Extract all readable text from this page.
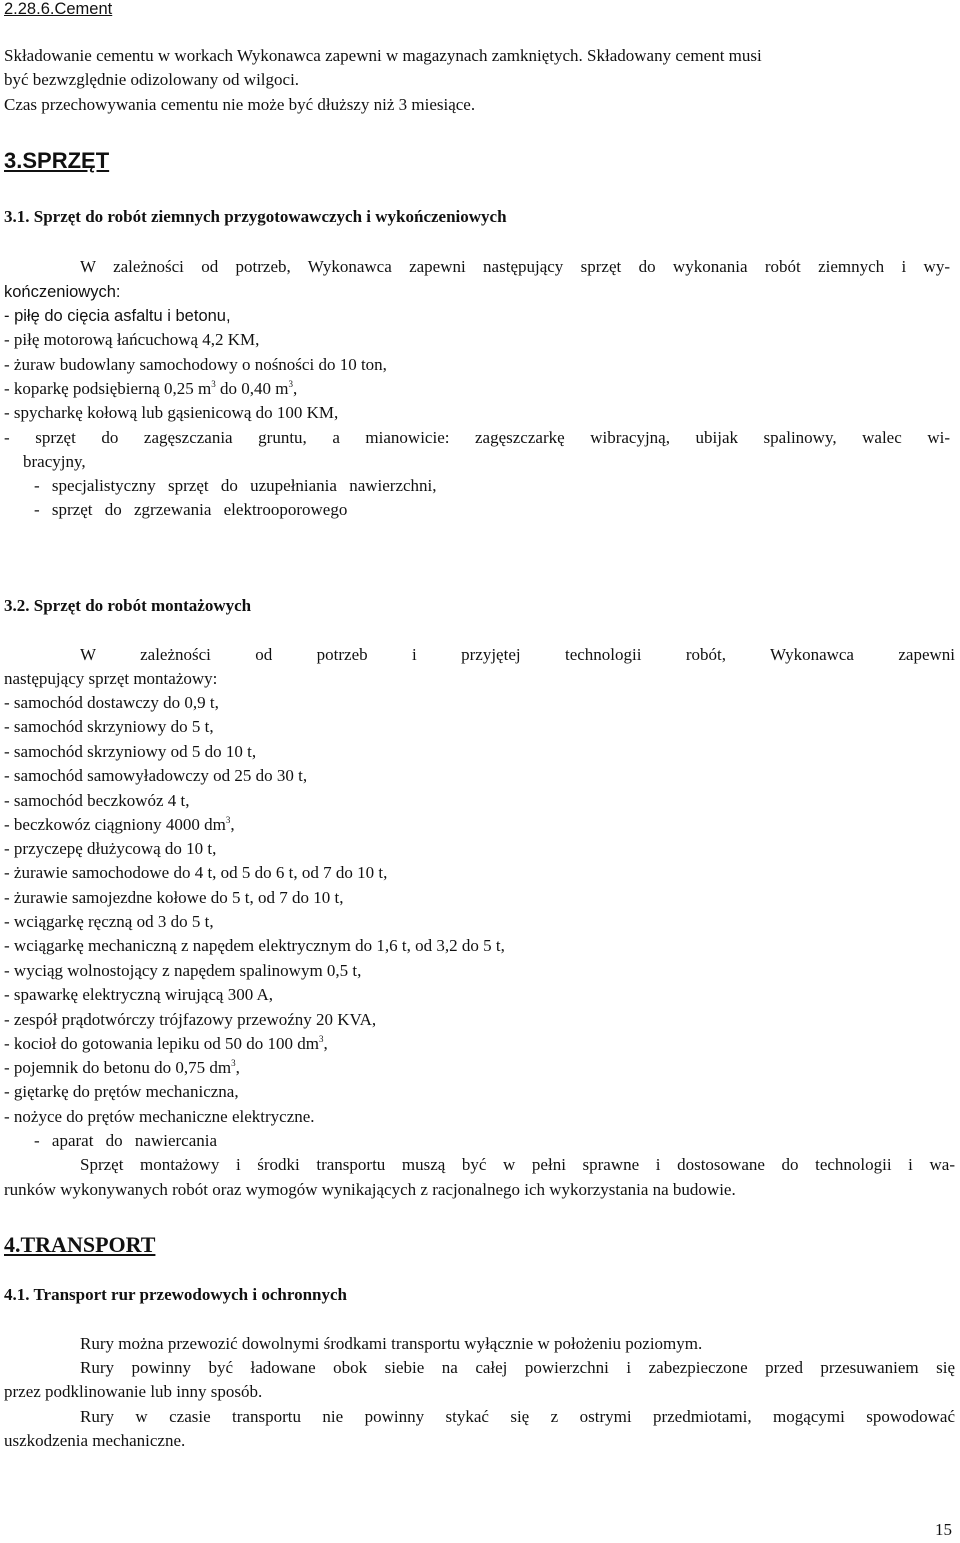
2.28.6.Cement
Składowanie cementu w workach Wykonawca zapewni w magazynach zamkniętych. Składowany cement musi
być bezwzględnie odizolowany od wilgoci.
Czas przechowywania cementu nie może być dłuższy niż 3 miesiące.
3.SPRZĘT
3.1. Sprzęt do robót ziemnych przygotowawczych i wykończeniowych
W zależności od potrzeb, Wykonawca zapewni następujący sprzęt do wykonania robót ziemnych i wy-
kończeniowych:
- piłę do cięcia asfaltu i betonu,
- piłę motorową łańcuchową 4,2 KM,
- żuraw budowlany samochodowy o nośności do 10 ton,
- koparkę podsiębierną 0,25 $m^3$ do 0,40 $m^3$,
- spycharkę kołową lub gąsienicową do 100 KM,
- sprzęt do zagęszczania gruntu, a mianowicie: zagęszczarkę wibracyjną, ubijak spalinowy, walec wi-
bracyjny,
- specjalistyczny sprzęt do uzupełniania nawierzchni,
- sprzęt do zgrzewania elektrooporowego
3.2. Sprzęt do robót montażowych
W zależności od potrzeb i przyjętej technologii robót, Wykonawca zapewni
następujący sprzęt montażowy:
- samochód dostawczy do 0,9 t,
- samochód skrzyniowy do 5 t,
- samochód skrzyniowy od 5 do 10 t,
- samochód samowyładowczy od 25 do 30 t,
- samochód beczkowóz 4 t,
- beczkowóz ciągniony 4000 $dm^3$,
- przyczepę dłużycową do 10 t,
- żurawie samochodowe do 4 t, od 5 do 6 t, od 7 do 10 t,
- żurawie samojezdne kołowe do 5 t, od 7 do 10 t,
- wciągarkę ręczną od 3 do 5 t,
- wciągarkę mechaniczną z napędem elektrycznym do 1,6 t, od 3,2 do 5 t,
- wyciąg wolnostojący z napędem spalinowym 0,5 t,
- spawarkę elektryczną wirującą 300 A,
- zespół prądotwórczy trójfazowy przewoźny 20 KVA,
- kocioł do gotowania lepiku od 50 do 100 $dm^3$,
- pojemnik do betonu do 0,75 $dm^3$,
- giętarkę do prętów mechaniczna,
- nożyce do prętów mechaniczne elektryczne.
- aparat do nawiercania
Sprzęt montażowy i środki transportu muszą być w pełni sprawne i dostosowane do technologii i wa-
runków wykonywanych robót oraz wymogów wynikających z racjonalnego ich wykorzystania na budowie.
4.TRANSPORT
4.1. Transport rur przewodowych i ochronnych
Rury można przewozić dowolnymi środkami transportu wyłącznie w położeniu poziomym.
Rury powinny być ładowane obok siebie na całej powierzchni i zabezpieczone przed przesuwaniem się
przez podklinowanie lub inny sposób.
Rury w czasie transportu nie powinny stykać się z ostrymi przedmiotami, mogącymi spowodować
uszkodzenia mechaniczne.
15
